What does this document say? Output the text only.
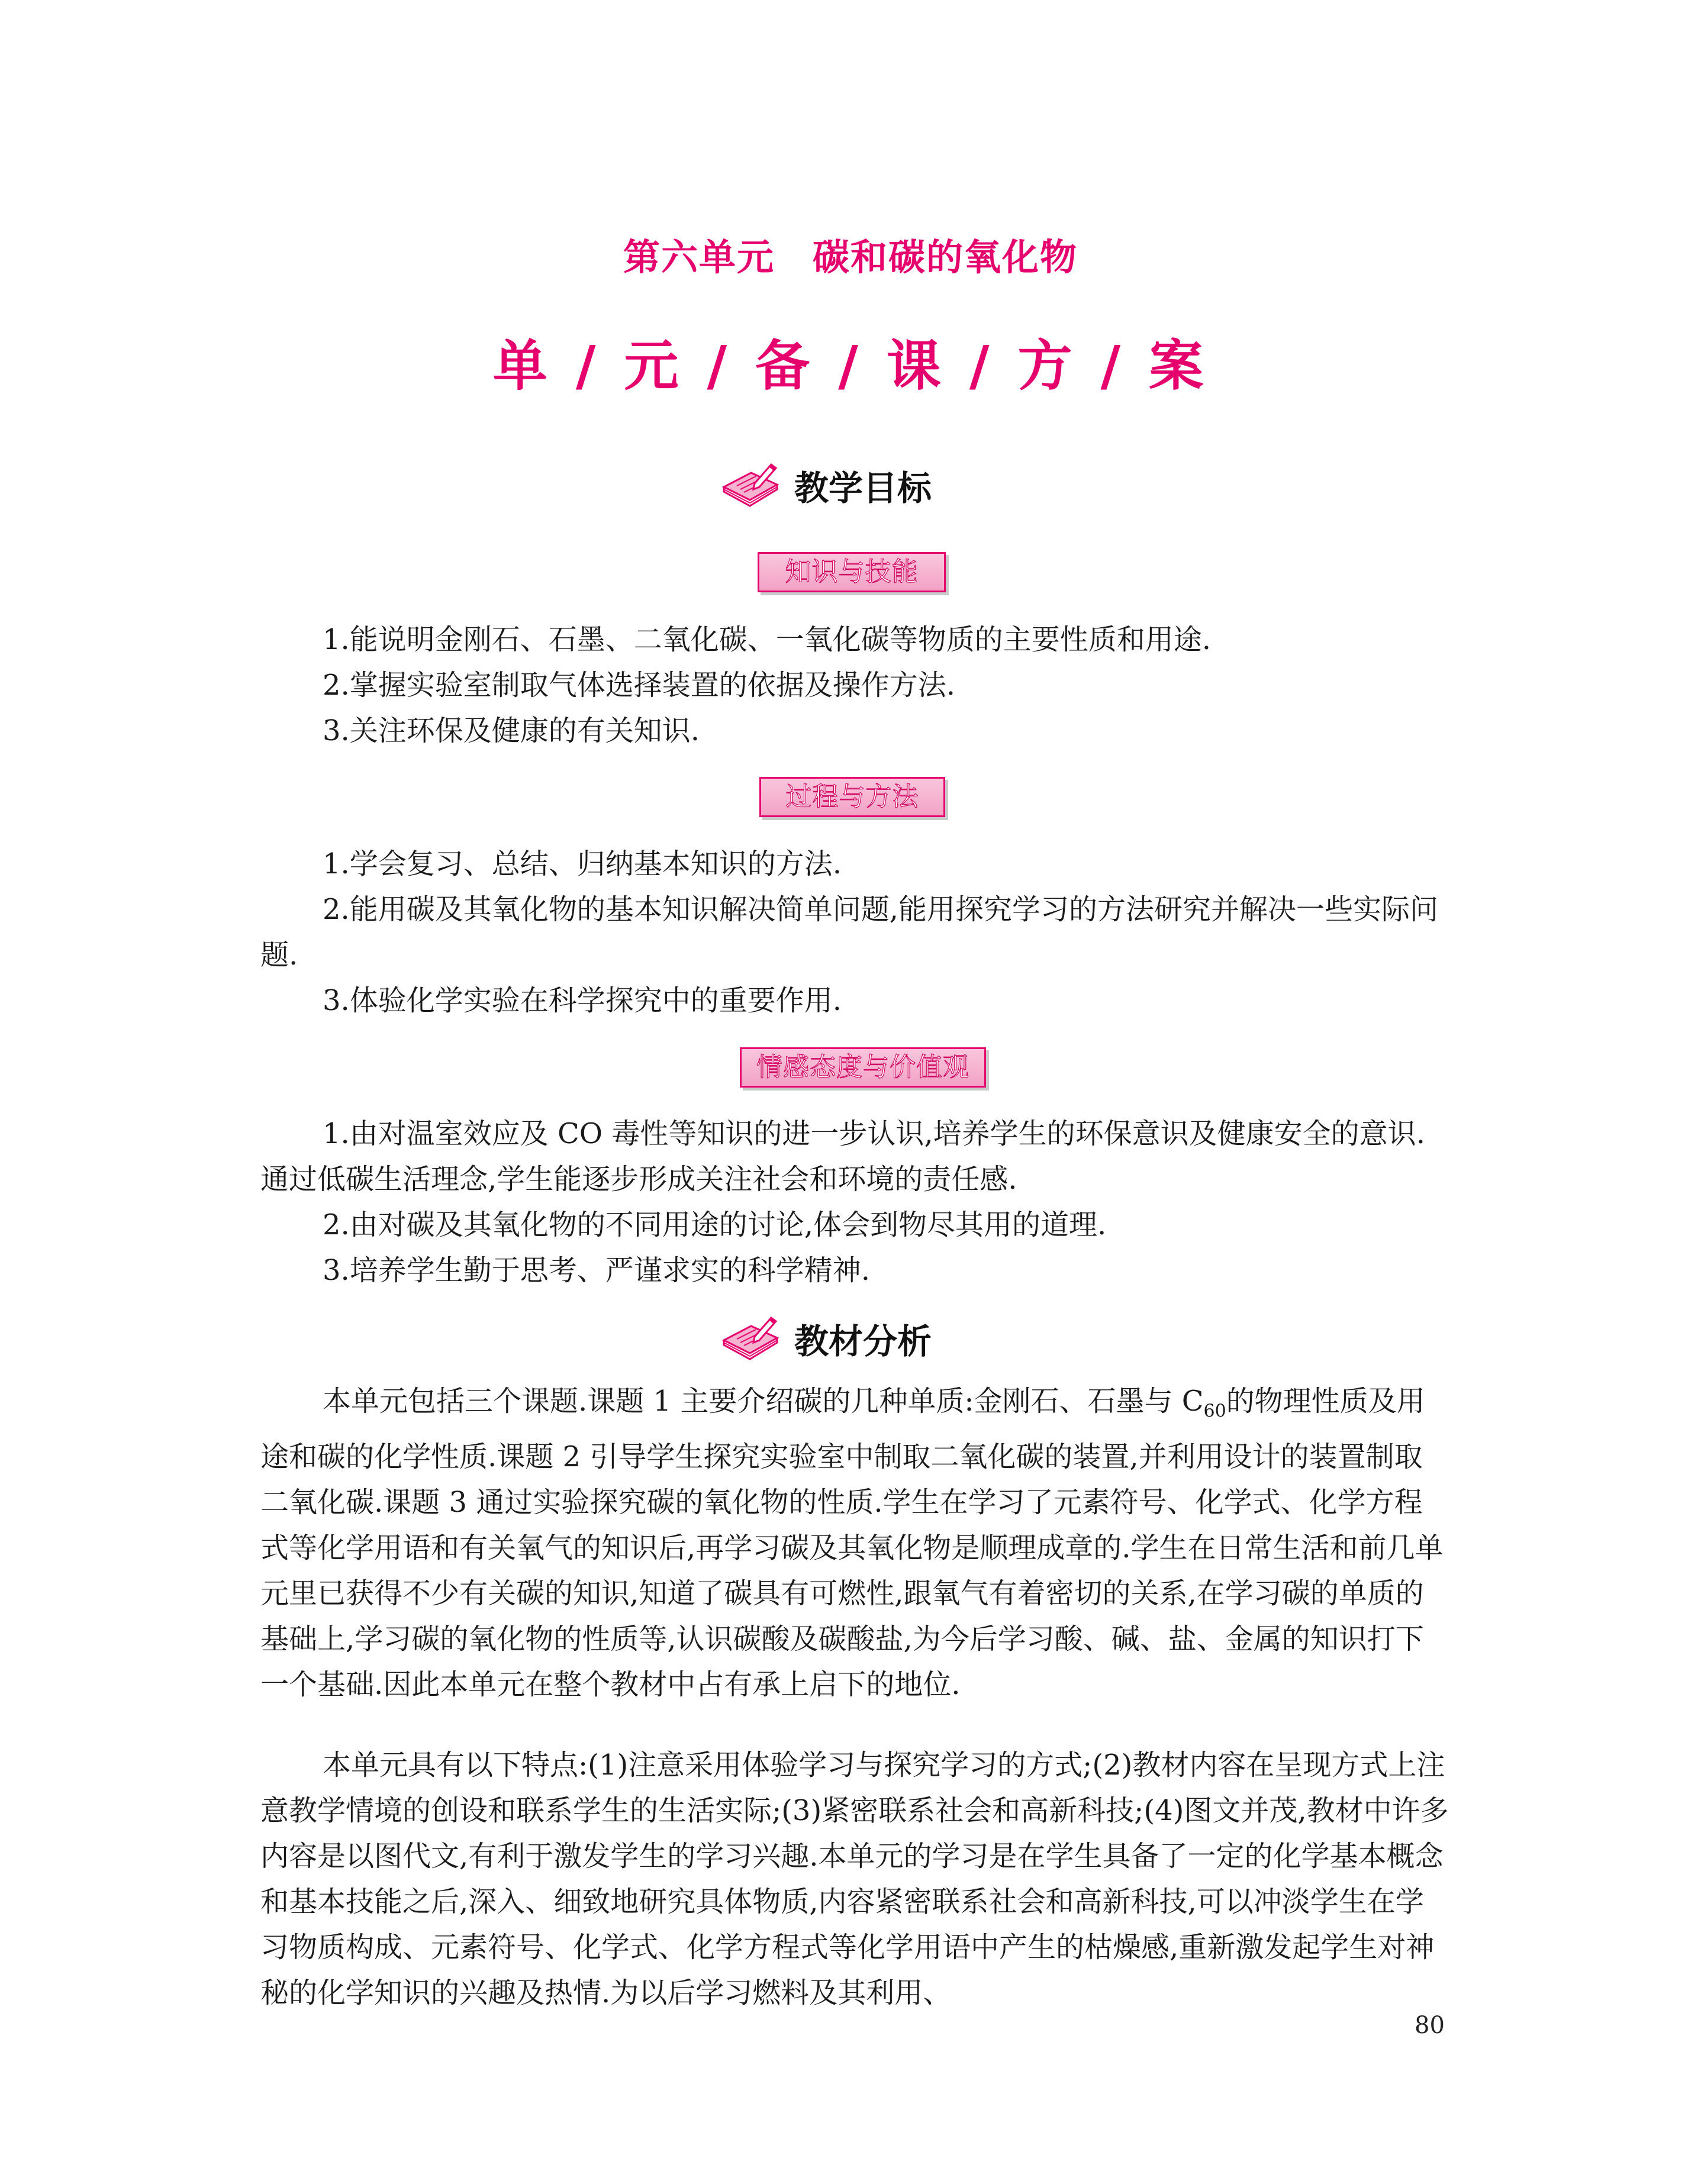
第六单元　碳和碳的氧化物
单 / 元 / 备 / 课 / 方 / 案
教学目标
知识与技能

1.能说明金刚石、石墨、二氧化碳、一氧化碳等物质的主要性质和用途.

2.掌握实验室制取气体选择装置的依据及操作方法.

3.关注环保及健康的有关知识.

过程与方法

1.学会复习、总结、归纳基本知识的方法.

2.能用碳及其氧化物的基本知识解决简单问题,能用探究学习的方法研究并解决一些实际问题.

3.体验化学实验在科学探究中的重要作用.

情感态度与价值观

1.由对温室效应及 CO 毒性等知识的进一步认识,培养学生的环保意识及健康安全的意识.通过低碳生活理念,学生能逐步形成关注社会和环境的责任感.

2.由对碳及其氧化物的不同用途的讨论,体会到物尽其用的道理.

3.培养学生勤于思考、严谨求实的科学精神.

教材分析

本单元包括三个课题.课题 1 主要介绍碳的几种单质:金刚石、石墨与 $C_{60}$的物理性质及用途和碳的化学性质.课题 2 引导学生探究实验室中制取二氧化碳的装置,并利用设计的装置制取二氧化碳.课题 3 通过实验探究碳的氧化物的性质.学生在学习了元素符号、化学式、化学方程式等化学用语和有关氧气的知识后,再学习碳及其氧化物是顺理成章的.学生在日常生活和前几单元里已获得不少有关碳的知识,知道了碳具有可燃性,跟氧气有着密切的关系,在学习碳的单质的基础上,学习碳的氧化物的性质等,认识碳酸及碳酸盐,为今后学习酸、碱、盐、金属的知识打下一个基础.因此本单元在整个教材中占有承上启下的地位.

本单元具有以下特点:(1)注意采用体验学习与探究学习的方式;(2)教材内容在呈现方式上注意教学情境的创设和联系学生的生活实际;(3)紧密联系社会和高新科技;(4)图文并茂,教材中许多内容是以图代文,有利于激发学生的学习兴趣.本单元的学习是在学生具备了一定的化学基本概念和基本技能之后,深入、细致地研究具体物质,内容紧密联系社会和高新科技,可以冲淡学生在学习物质构成、元素符号、化学式、化学方程式等化学用语中产生的枯燥感,重新激发起学生对神秘的化学知识的兴趣及热情.为以后学习燃料及其利用、

80
